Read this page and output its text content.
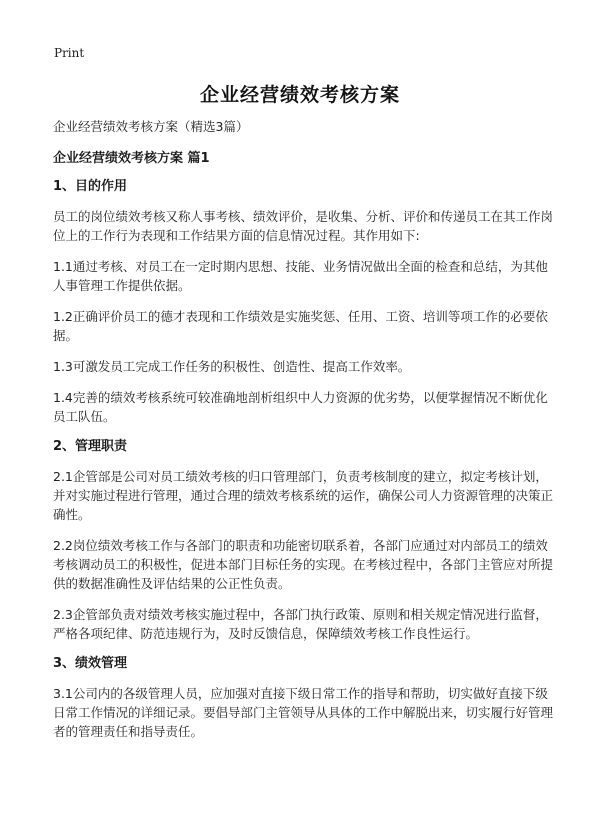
Print
企业经营绩效考核方案

企业经营绩效考核方案（精选3篇）

企业经营绩效考核方案 篇1

1、目的作用

员工的岗位绩效考核又称人事考核、绩效评价，是收集、分析、评价和传递员工在其工作岗位上的工作行为表现和工作结果方面的信息情况过程。其作用如下:

1.1通过考核、对员工在一定时期内思想、技能、业务情况做出全面的检查和总结，为其他人事管理工作提供依据。

1.2正确评价员工的德才表现和工作绩效是实施奖惩、任用、工资、培训等项工作的必要依据。

1.3可激发员工完成工作任务的积极性、创造性、提高工作效率。

1.4完善的绩效考核系统可较准确地剖析组织中人力资源的优劣势，以便掌握情况不断优化员工队伍。

2、管理职责

2.1企管部是公司对员工绩效考核的归口管理部门，负责考核制度的建立，拟定考核计划，并对实施过程进行管理，通过合理的绩效考核系统的运作，确保公司人力资源管理的决策正确性。

2.2岗位绩效考核工作与各部门的职责和功能密切联系着，各部门应通过对内部员工的绩效考核调动员工的积极性，促进本部门目标任务的实现。在考核过程中，各部门主管应对所提供的数据准确性及评估结果的公正性负责。

2.3企管部负责对绩效考核实施过程中，各部门执行政策、原则和相关规定情况进行监督，严格各项纪律、防范违规行为，及时反馈信息，保障绩效考核工作良性运行。

3、绩效管理

3.1公司内的各级管理人员，应加强对直接下级日常工作的指导和帮助，切实做好直接下级日常工作情况的详细记录。要倡导部门主管领导从具体的工作中解脱出来，切实履行好管理者的管理责任和指导责任。
